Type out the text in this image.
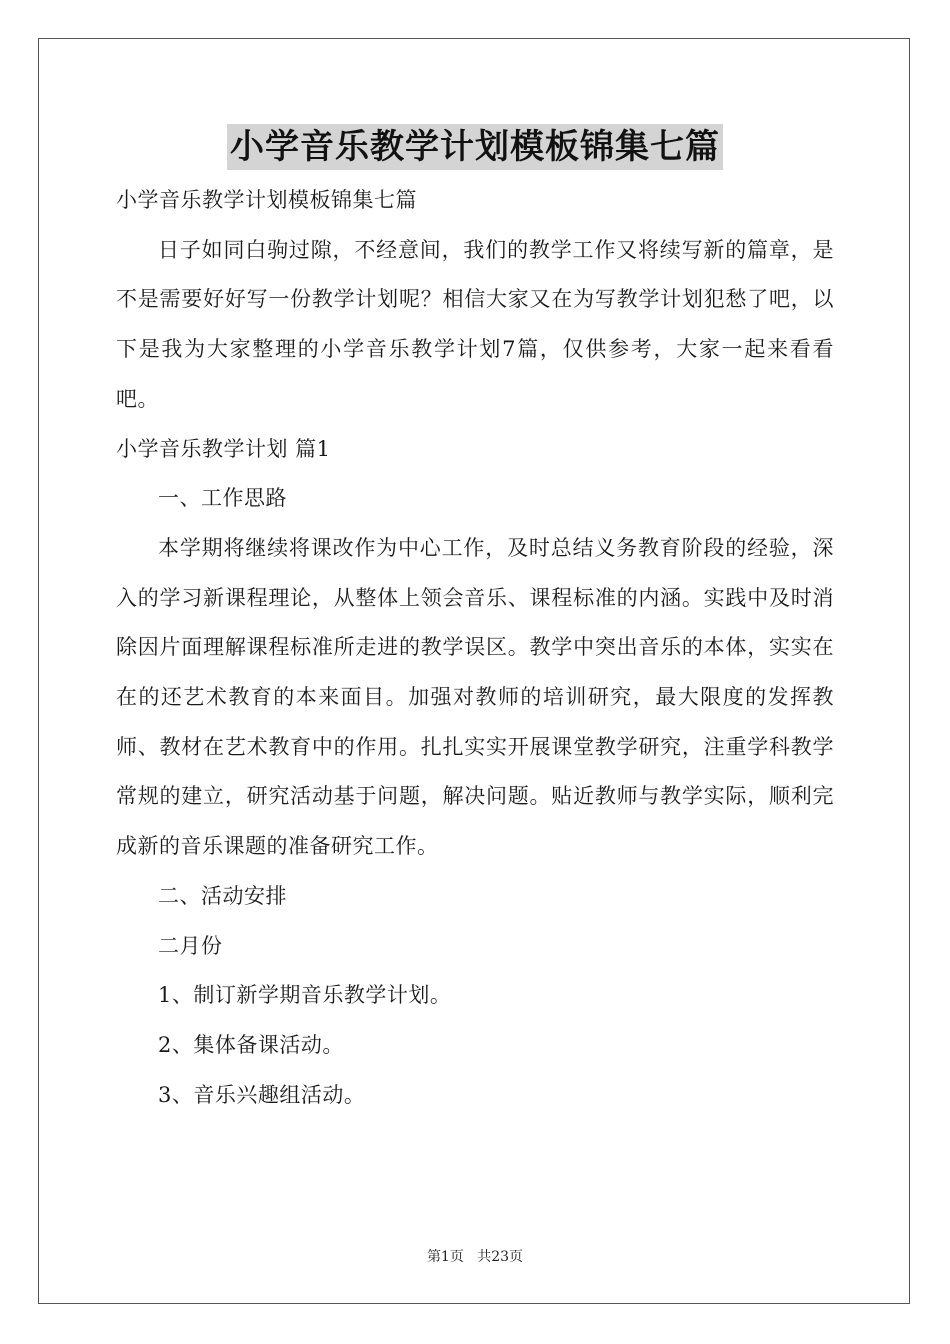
小学音乐教学计划模板锦集七篇

小学音乐教学计划模板锦集七篇

日子如同白驹过隙，不经意间，我们的教学工作又将续写新的篇章，是不是需要好好写一份教学计划呢？相信大家又在为写教学计划犯愁了吧，以下是我为大家整理的小学音乐教学计划7篇，仅供参考，大家一起来看看吧。

小学音乐教学计划 篇1

一、工作思路

本学期将继续将课改作为中心工作，及时总结义务教育阶段的经验，深入的学习新课程理论，从整体上领会音乐、课程标准的内涵。实践中及时消除因片面理解课程标准所走进的教学误区。教学中突出音乐的本体，实实在在的还艺术教育的本来面目。加强对教师的培训研究，最大限度的发挥教师、教材在艺术教育中的作用。扎扎实实开展课堂教学研究，注重学科教学常规的建立，研究活动基于问题，解决问题。贴近教师与教学实际，顺利完成新的音乐课题的准备研究工作。

二、活动安排

二月份

1、制订新学期音乐教学计划。

2、集体备课活动。

3、音乐兴趣组活动。

第1页 共23页
